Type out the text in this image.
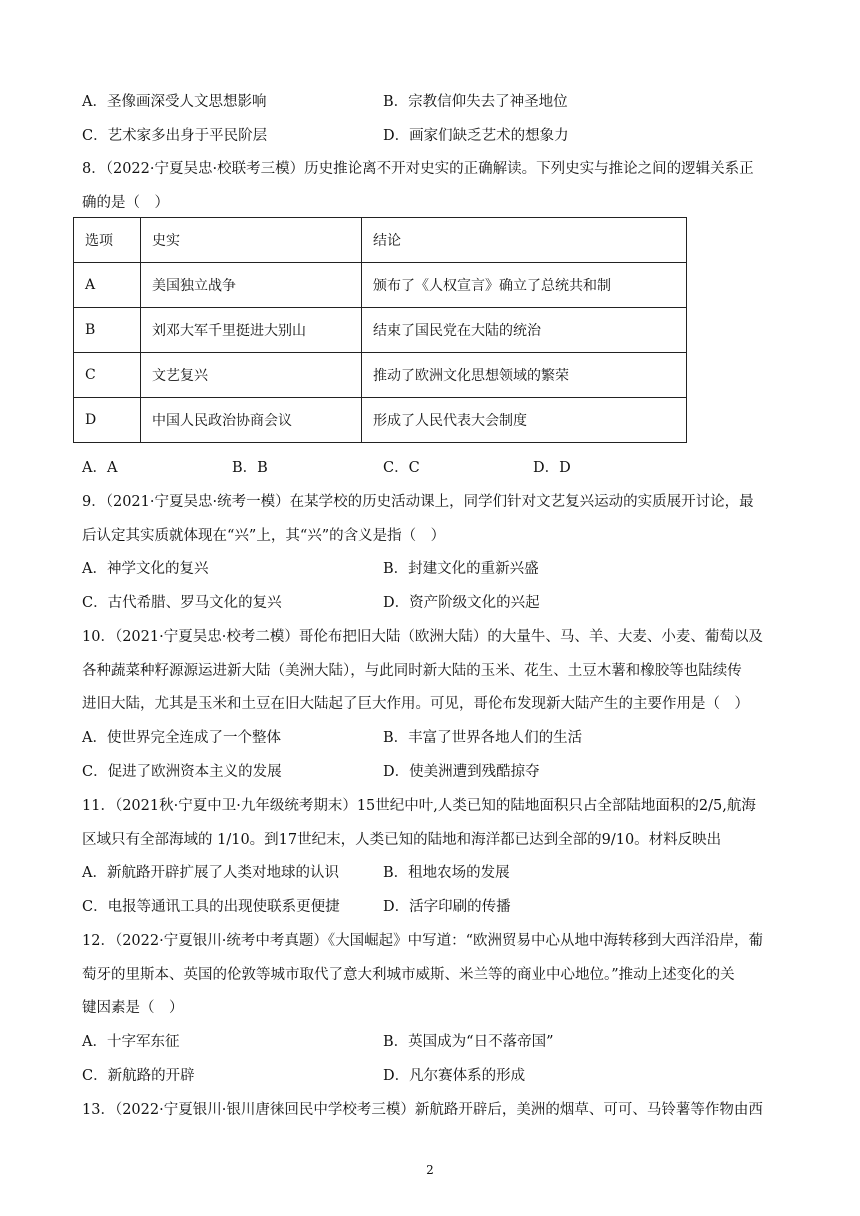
A．圣像画深受人文思想影响	B．宗教信仰失去了神圣地位
C．艺术家多出身于平民阶层	D．画家们缺乏艺术的想象力
8．（2022·宁夏吴忠·校联考三模）历史推论离不开对史实的正确解读。下列史实与推论之间的逻辑关系正
确的是（　）
选项	史实	结论
A	美国独立战争	颁布了《人权宣言》确立了总统共和制
B	刘邓大军千里挺进大别山	结束了国民党在大陆的统治
C	文艺复兴	推动了欧洲文化思想领域的繁荣
D	中国人民政治协商会议	形成了人民代表大会制度
A．A	B．B	C．C	D．D
9．（2021·宁夏吴忠·统考一模）在某学校的历史活动课上，同学们针对文艺复兴运动的实质展开讨论，最
后认定其实质就体现在“兴”上，其“兴”的含义是指（　）
A．神学文化的复兴	B．封建文化的重新兴盛
C．古代希腊、罗马文化的复兴	D．资产阶级文化的兴起
10．（2021·宁夏吴忠·校考二模）哥伦布把旧大陆（欧洲大陆）的大量牛、马、羊、大麦、小麦、葡萄以及
各种蔬菜种籽源源运进新大陆（美洲大陆），与此同时新大陆的玉米、花生、土豆木薯和橡胶等也陆续传
进旧大陆，尤其是玉米和土豆在旧大陆起了巨大作用。可见，哥伦布发现新大陆产生的主要作用是（　）
A．使世界完全连成了一个整体	B．丰富了世界各地人们的生活
C．促进了欧洲资本主义的发展	D．使美洲遭到残酷掠夺
11．（2021秋·宁夏中卫·九年级统考期末）15世纪中叶,人类已知的陆地面积只占全部陆地面积的2/5,航海
区域只有全部海域的 1/10。到17世纪末，人类已知的陆地和海洋都已达到全部的9/10。材料反映出
A．新航路开辟扩展了人类对地球的认识	B．租地农场的发展
C．电报等通讯工具的出现使联系更便捷	D．活字印刷的传播
12．（2022·宁夏银川·统考中考真题）《大国崛起》中写道：“欧洲贸易中心从地中海转移到大西洋沿岸，葡
萄牙的里斯本、英国的伦敦等城市取代了意大利城市威斯、米兰等的商业中心地位。”推动上述变化的关
键因素是（　）
A．十字军东征	B．英国成为“日不落帝国”
C．新航路的开辟	D．凡尔赛体系的形成
13．（2022·宁夏银川·银川唐徕回民中学校考三模）新航路开辟后，美洲的烟草、可可、马铃薯等作物由西
2
